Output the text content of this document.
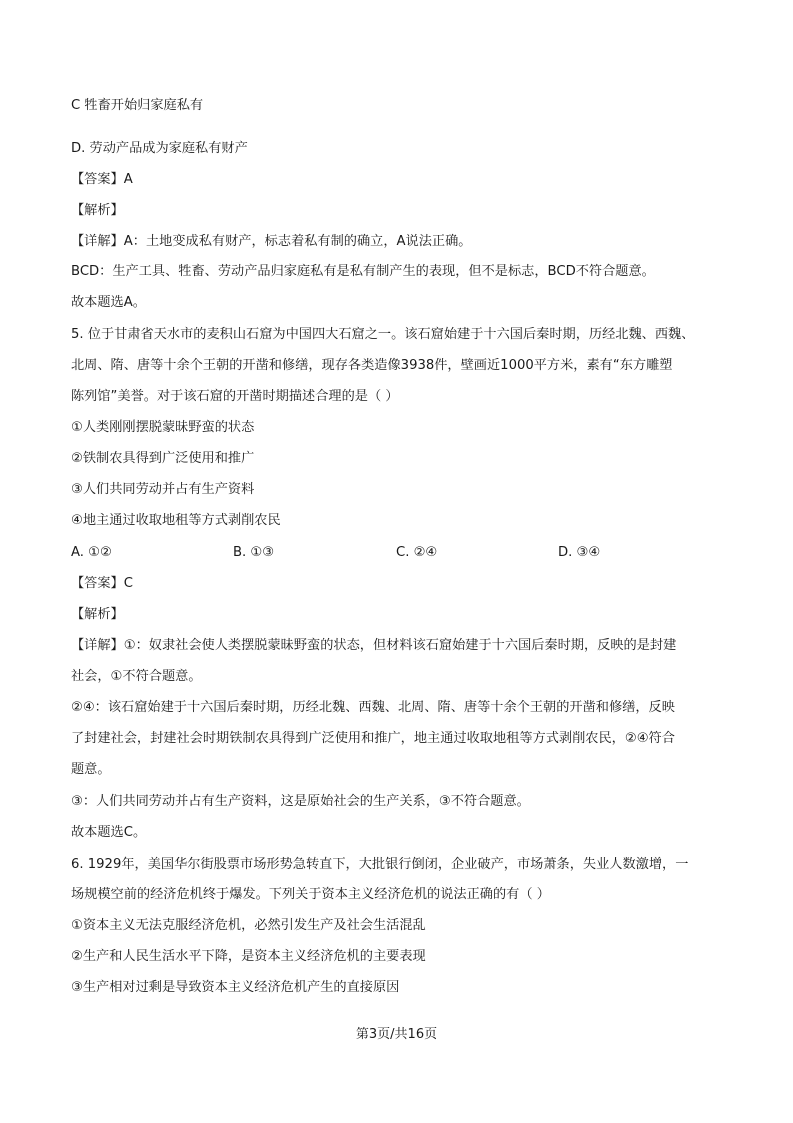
C 牲畜开始归家庭私有
D. 劳动产品成为家庭私有财产
【答案】A
【解析】
【详解】A：土地变成私有财产，标志着私有制的确立，A说法正确。
BCD：生产工具、牲畜、劳动产品归家庭私有是私有制产生的表现，但不是标志，BCD不符合题意。
故本题选A。
5. 位于甘肃省天水市的麦积山石窟为中国四大石窟之一。该石窟始建于十六国后秦时期，历经北魏、西魏、
北周、隋、唐等十余个王朝的开凿和修缮，现存各类造像3938件，壁画近1000平方米，素有“东方雕塑
陈列馆”美誉。对于该石窟的开凿时期描述合理的是（ ）
①人类刚刚摆脱蒙昧野蛮的状态
②铁制农具得到广泛使用和推广
③人们共同劳动并占有生产资料
④地主通过收取地租等方式剥削农民
A. ①②	B. ①③	C. ②④	D. ③④
【答案】C
【解析】
【详解】①：奴隶社会使人类摆脱蒙昧野蛮的状态，但材料该石窟始建于十六国后秦时期，反映的是封建
社会，①不符合题意。
②④：该石窟始建于十六国后秦时期，历经北魏、西魏、北周、隋、唐等十余个王朝的开凿和修缮，反映
了封建社会，封建社会时期铁制农具得到广泛使用和推广，地主通过收取地租等方式剥削农民，②④符合
题意。
③：人们共同劳动并占有生产资料，这是原始社会的生产关系，③不符合题意。
故本题选C。
6. 1929年，美国华尔街股票市场形势急转直下，大批银行倒闭，企业破产，市场萧条，失业人数激增，一
场规模空前的经济危机终于爆发。下列关于资本主义经济危机的说法正确的有（ ）
①资本主义无法克服经济危机，必然引发生产及社会生活混乱
②生产和人民生活水平下降，是资本主义经济危机的主要表现
③生产相对过剩是导致资本主义经济危机产生的直接原因
第3页/共16页
